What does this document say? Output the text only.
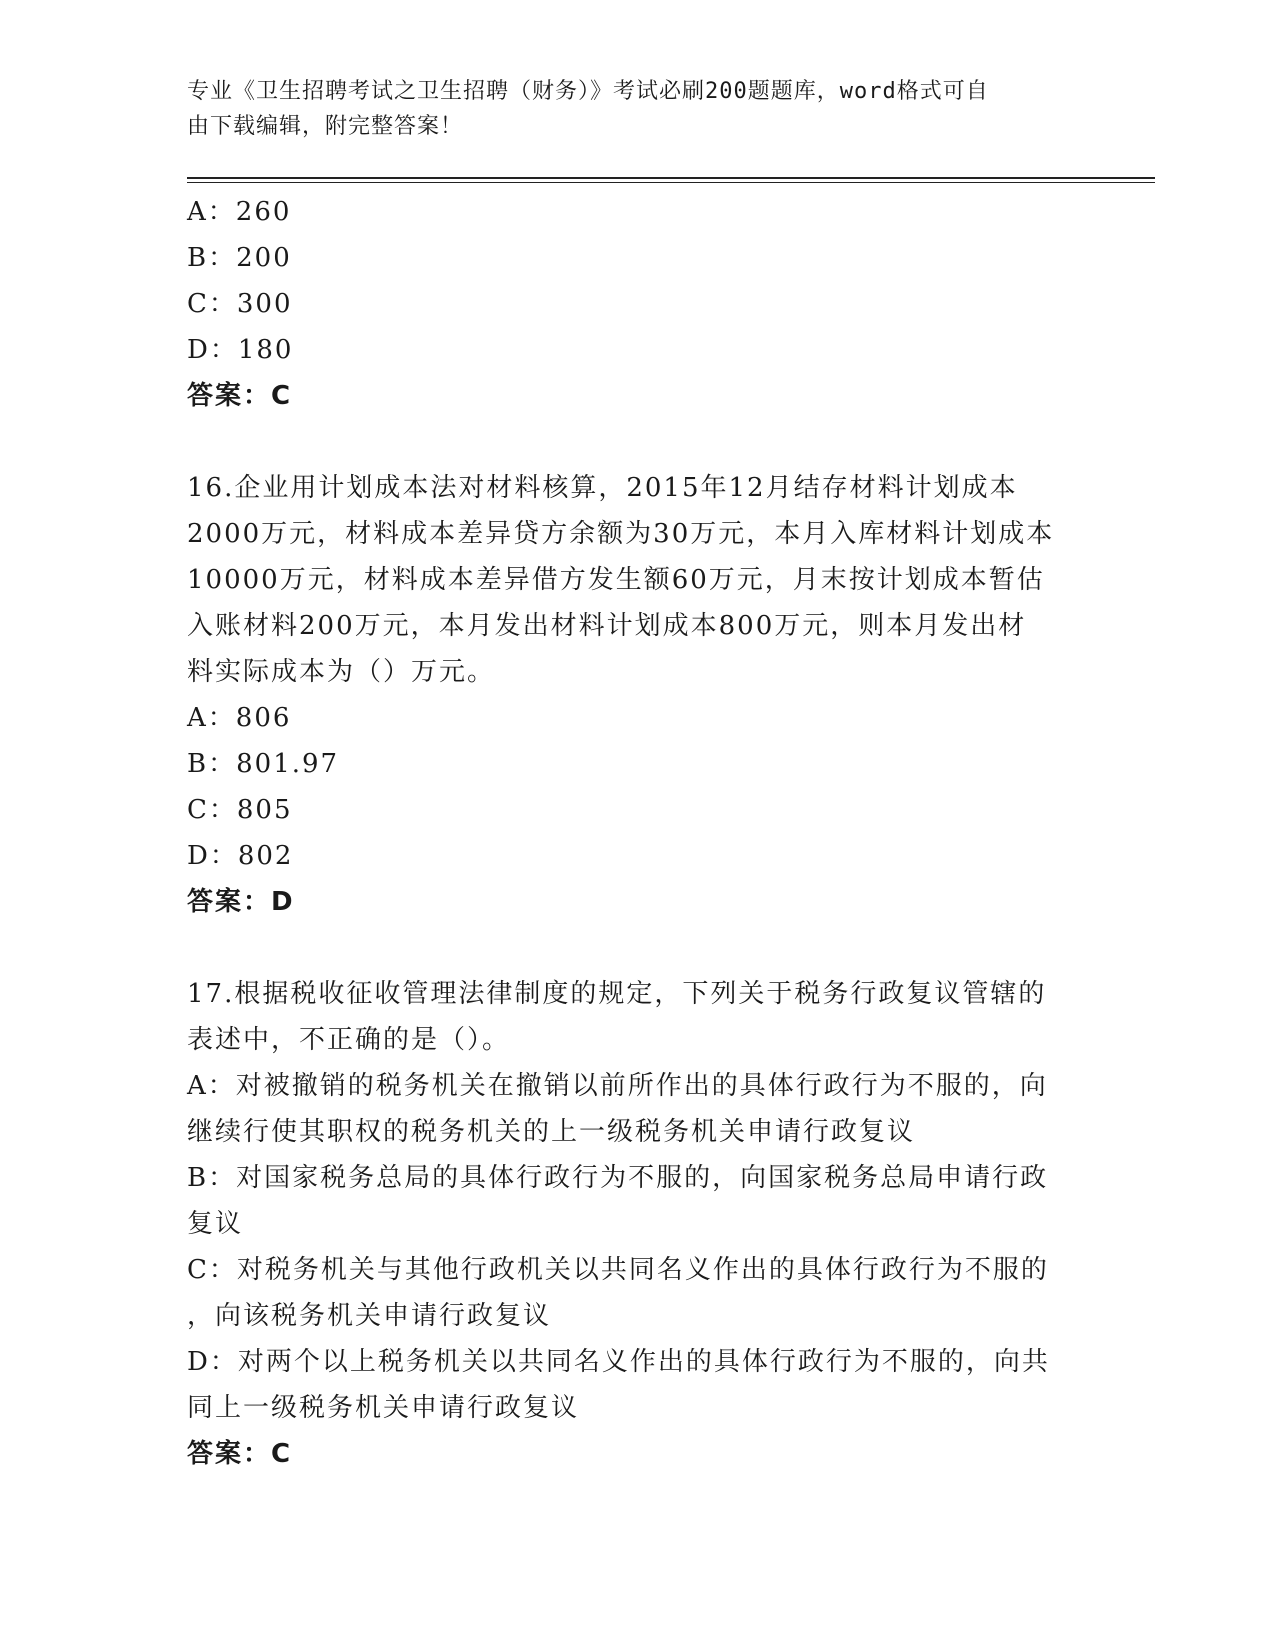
专业《卫生招聘考试之卫生招聘（财务）》考试必刷200题题库，word格式可自
由下载编辑，附完整答案！
A：260
B：200
C：300
D：180
答案：C
16.企业用计划成本法对材料核算，2015年12月结存材料计划成本
2000万元，材料成本差异贷方余额为30万元，本月入库材料计划成本
10000万元，材料成本差异借方发生额60万元，月末按计划成本暂估
入账材料200万元，本月发出材料计划成本800万元，则本月发出材
料实际成本为（）万元。
A：806
B：801.97
C：805
D：802
答案：D
17.根据税收征收管理法律制度的规定，下列关于税务行政复议管辖的
表述中，不正确的是（）。
A：对被撤销的税务机关在撤销以前所作出的具体行政行为不服的，向
继续行使其职权的税务机关的上一级税务机关申请行政复议
B：对国家税务总局的具体行政行为不服的，向国家税务总局申请行政
复议
C：对税务机关与其他行政机关以共同名义作出的具体行政行为不服的
，向该税务机关申请行政复议
D：对两个以上税务机关以共同名义作出的具体行政行为不服的，向共
同上一级税务机关申请行政复议
答案：C
